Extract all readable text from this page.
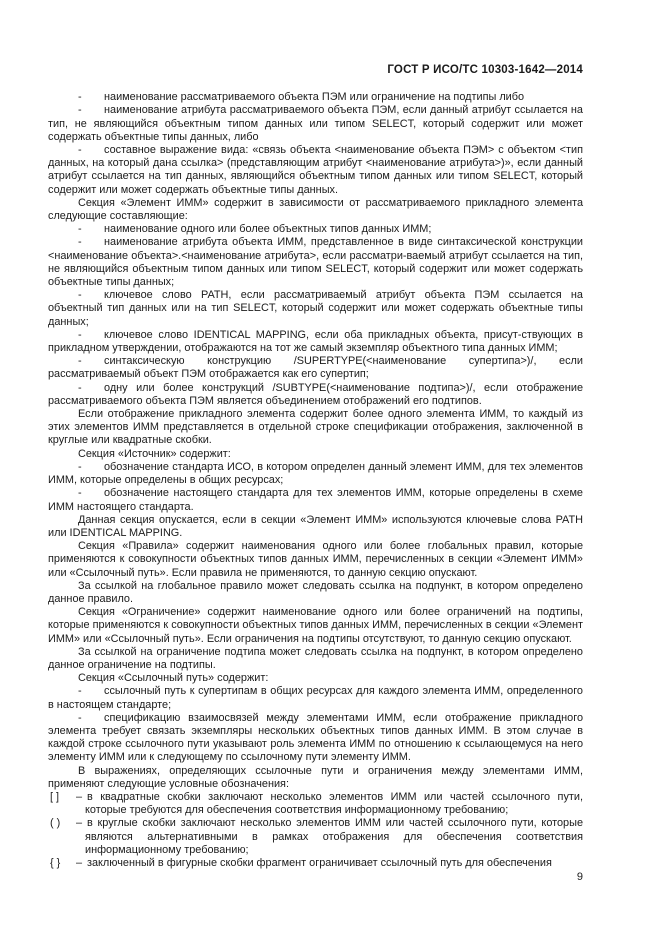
ГОСТ Р ИСО/ТС 10303-1642—2014

- наименование рассматриваемого объекта ПЭМ или ограничение на подтипы либо

- наименование атрибута рассматриваемого объекта ПЭМ, если данный атрибут ссылается на тип, не являющийся объектным типом данных или типом SELECT, который содержит или может содержать объектные типы данных, либо

- составное выражение вида: «связь объекта <наименование объекта ПЭМ> с объектом <тип данных, на который дана ссылка> (представляющим атрибут <наименование атрибута>)», если данный атрибут ссылается на тип данных, являющийся объектным типом данных или типом SELECT, который содержит или может содержать объектные типы данных.

Секция «Элемент ИММ» содержит в зависимости от рассматриваемого прикладного элемента следующие составляющие:

- наименование одного или более объектных типов данных ИММ;

- наименование атрибута объекта ИММ, представленное в виде синтаксической конструкции <наименование объекта>.<наименование атрибута>, если рассматри-ваемый атрибут ссылается на тип, не являющийся объектным типом данных или типом SELECT, который содержит или может содержать объектные типы данных;

- ключевое слово PATH, если рассматриваемый атрибут объекта ПЭМ ссылается на объектный тип данных или на тип SELECT, который содержит или может содержать объектные типы данных;

- ключевое слово IDENTICAL MAPPING, если оба прикладных объекта, присут-ствующих в прикладном утверждении, отображаются на тот же самый экземпляр объектного типа данных ИММ;

- синтаксическую конструкцию /SUPERTYPE(<наименование супертипа>)/, если рассматриваемый объект ПЭМ отображается как его супертип;

- одну или более конструкций /SUBTYPE(<наименование подтипа>)/, если отображение рассматриваемого объекта ПЭМ является объединением отображений его подтипов.

Если отображение прикладного элемента содержит более одного элемента ИММ, то каждый из этих элементов ИММ представляется в отдельной строке спецификации отображения, заключенной в круглые или квадратные скобки.

Секция «Источник» содержит:

- обозначение стандарта ИСО, в котором определен данный элемент ИММ, для тех элементов ИММ, которые определены в общих ресурсах;

- обозначение настоящего стандарта для тех элементов ИММ, которые определены в схеме ИММ настоящего стандарта.

Данная секция опускается, если в секции «Элемент ИММ» используются ключевые слова PATH или IDENTICAL MAPPING.

Секция «Правила» содержит наименования одного или более глобальных правил, которые применяются к совокупности объектных типов данных ИММ, перечисленных в секции «Элемент ИММ» или «Ссылочный путь». Если правила не применяются, то данную секцию опускают.

За ссылкой на глобальное правило может следовать ссылка на подпункт, в котором определено данное правило.

Секция «Ограничение» содержит наименование одного или более ограничений на подтипы, которые применяются к совокупности объектных типов данных ИММ, перечисленных в секции «Элемент ИММ» или «Ссылочный путь». Если ограничения на подтипы отсутствуют, то данную секцию опускают.

За ссылкой на ограничение подтипа может следовать ссылка на подпункт, в котором определено данное ограничение на подтипы.

Секция «Ссылочный путь» содержит:

- ссылочный путь к супертипам в общих ресурсах для каждого элемента ИММ, определенного в настоящем стандарте;

- спецификацию взаимосвязей между элементами ИММ, если отображение прикладного элемента требует связать экземпляры нескольких объектных типов данных ИММ. В этом случае в каждой строке ссылочного пути указывают роль элемента ИММ по отношению к ссылающемуся на него элементу ИММ или к следующему по ссылочному пути элементу ИММ.

В выражениях, определяющих ссылочные пути и ограничения между элементами ИММ, применяют следующие условные обозначения:

[ ] – в квадратные скобки заключают несколько элементов ИММ или частей ссылочного пути, которые требуются для обеспечения соответствия информационному требованию;

( ) – в круглые скобки заключают несколько элементов ИММ или частей ссылочного пути, которые являются альтернативными в рамках отображения для обеспечения соответствия информационному требованию;

{ } – заключенный в фигурные скобки фрагмент ограничивает ссылочный путь для обеспечения

9
